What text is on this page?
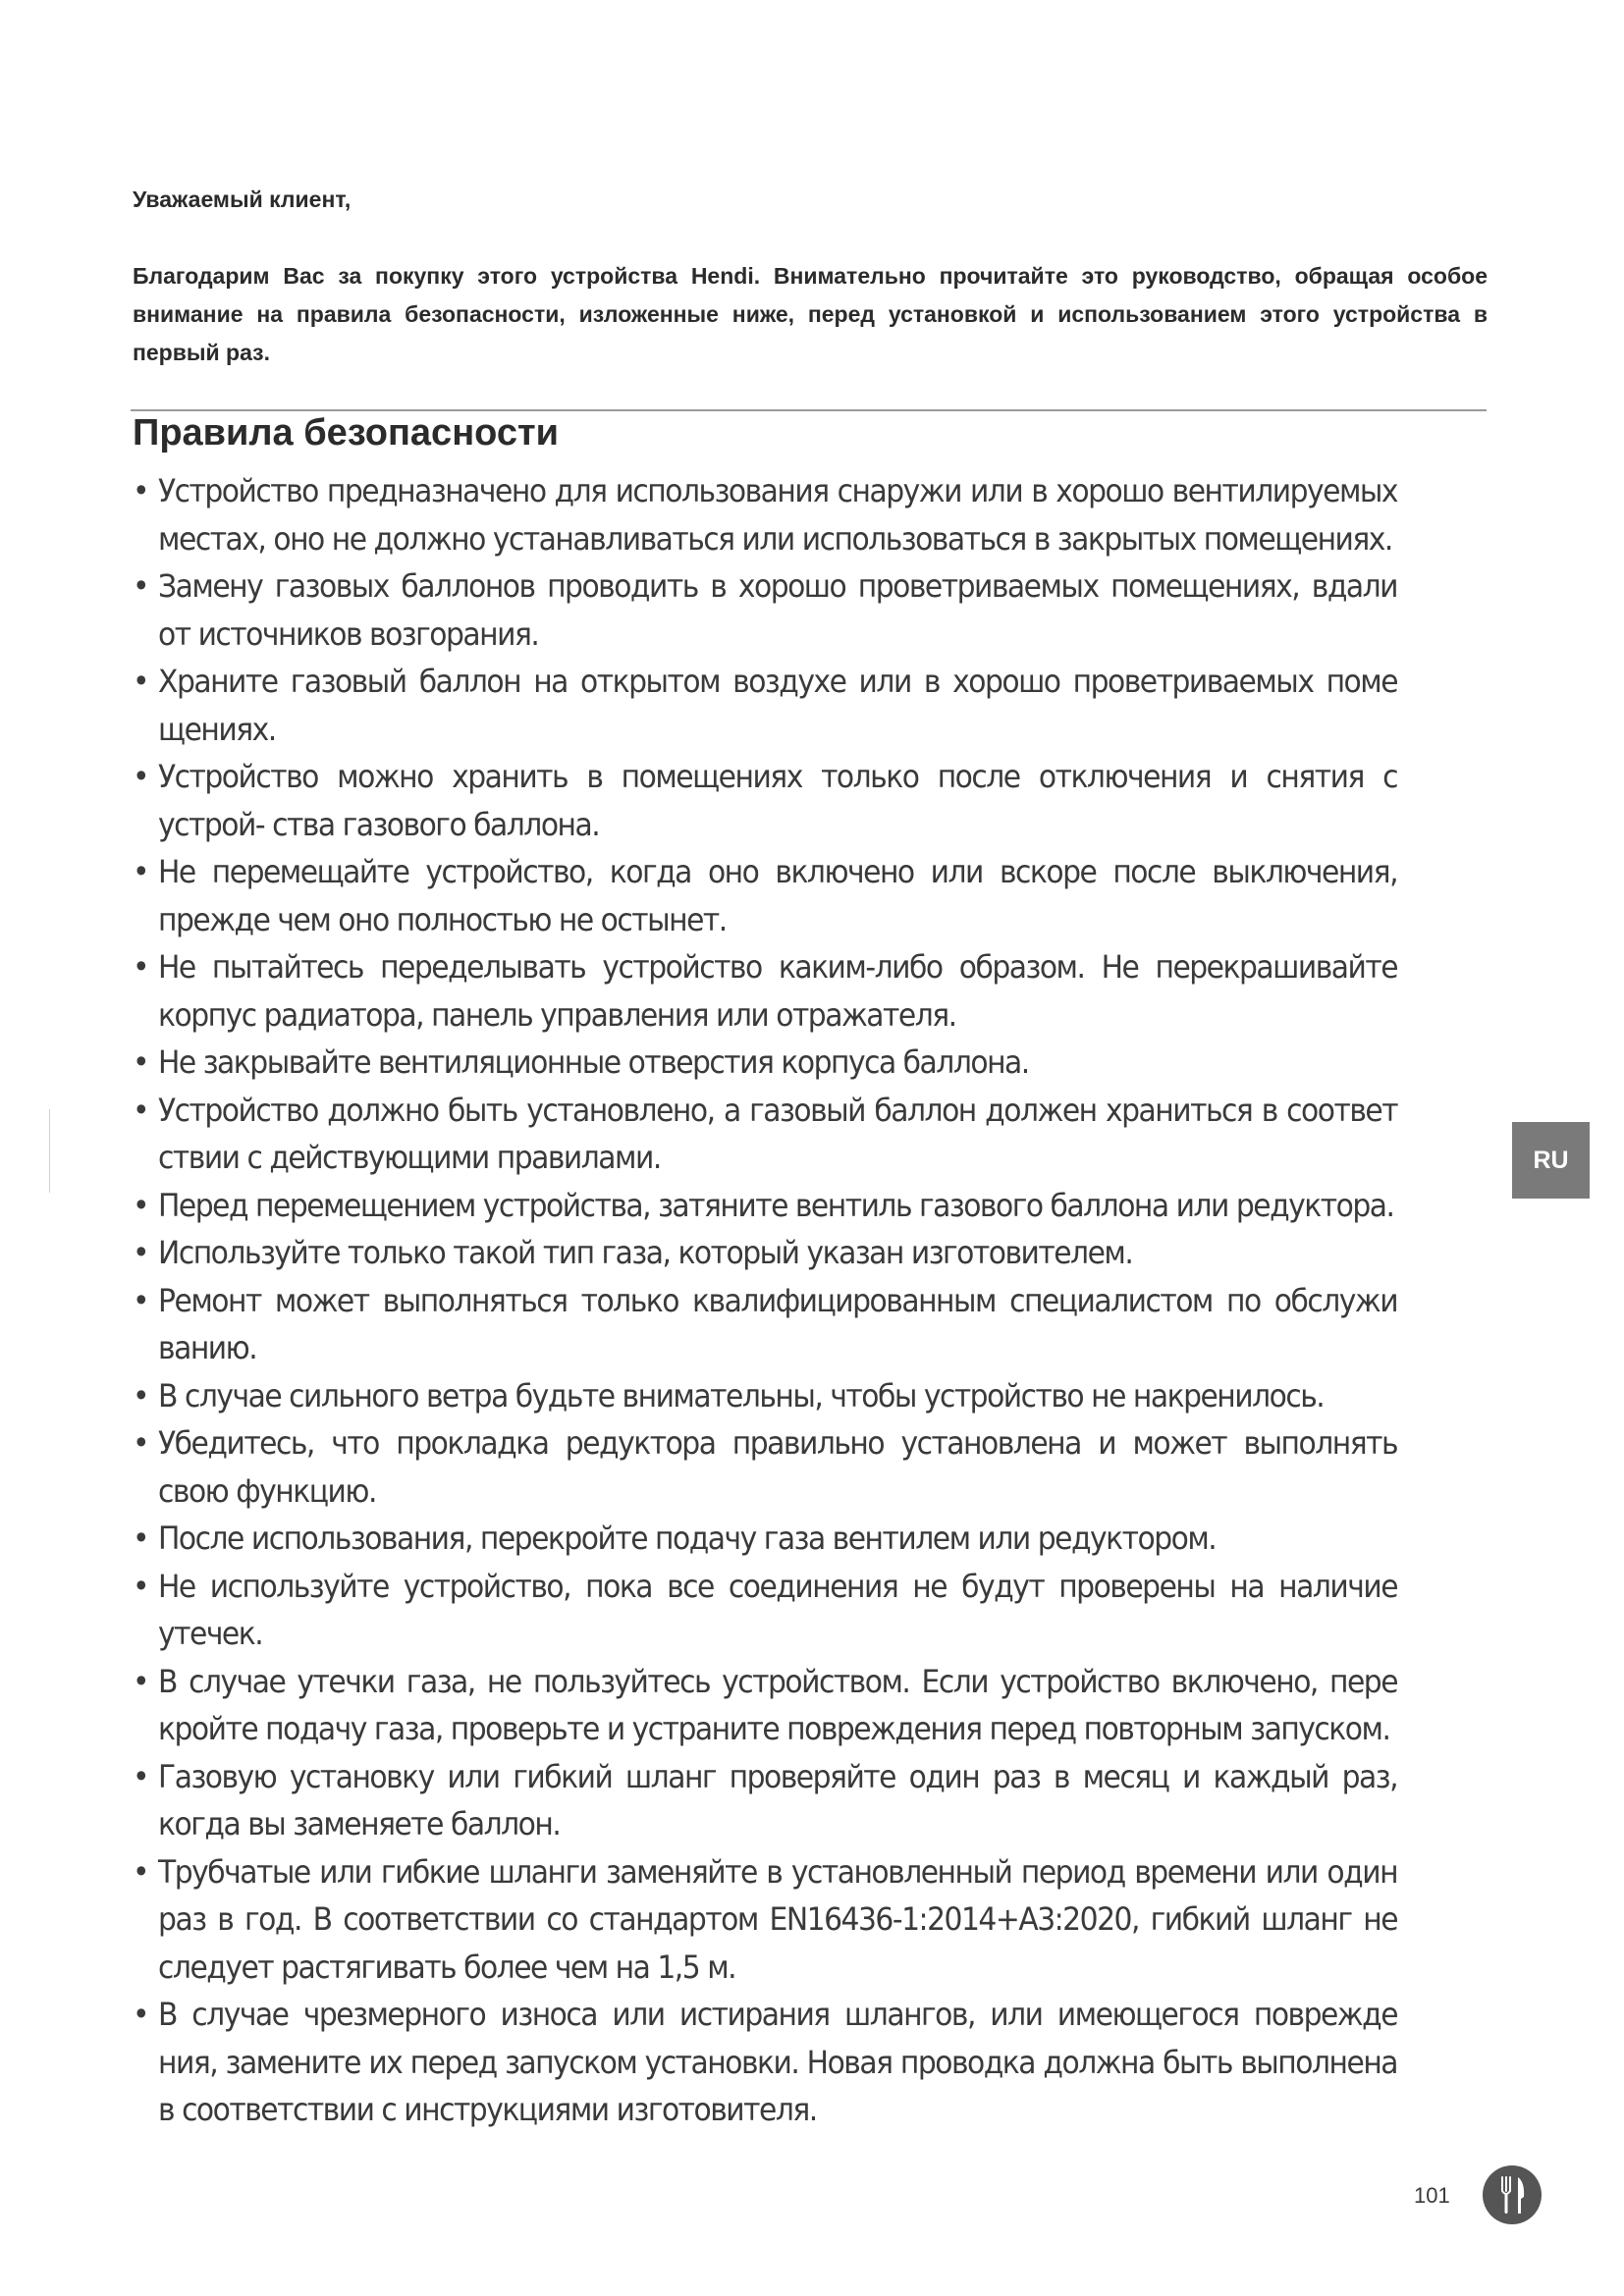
Уважаемый клиент,

Благодарим Вас за покупку этого устройства Hendi. Внимательно прочитайте это руководство, обращая особое внимание на правила безопасности, изложенные ниже, перед установкой и использованием этого устройства в первый раз.

Правила безопасности
• Устройство предназначено для использования снаружи или в хорошо вентилируемых местах, оно не должно устанавливаться или использоваться в закрытых помещениях.
• Замену газовых баллонов проводить в хорошо проветриваемых помещениях, вдали от источников возгорания.
• Храните газовый баллон на открытом воздухе или в хорошо проветриваемых поме щениях.
• Устройство можно хранить в помещениях только после отключения и снятия с устрой- ства газового баллона.
• Не перемещайте устройство, когда оно включено или вскоре после выключения, прежде чем оно полностью не остынет.
• Не пытайтесь переделывать устройство каким-либо образом. Не перекрашивайте корпус радиатора, панель управления или отражателя.
• Не закрывайте вентиляционные отверстия корпуса баллона.
• Устройство должно быть установлено, а газовый баллон должен храниться в соответ ствии с действующими правилами.
• Перед перемещением устройства, затяните вентиль газового баллона или редуктора.
• Используйте только такой тип газа, который указан изготовителем.
• Ремонт может выполняться только квалифицированным специалистом по обслужи ванию.
• В случае сильного ветра будьте внимательны, чтобы устройство не накренилось.
• Убедитесь, что прокладка редуктора правильно установлена и может выполнять свою функцию.
• После использования, перекройте подачу газа вентилем или редуктором.
• Не используйте устройство, пока все соединения не будут проверены на наличие утечек.
• В случае утечки газа, не пользуйтесь устройством. Если устройство включено, пере кройте подачу газа, проверьте и устраните повреждения перед повторным запуском.
• Газовую установку или гибкий шланг проверяйте один раз в месяц и каждый раз, когда вы заменяете баллон.
• Трубчатые или гибкие шланги заменяйте в установленный период времени или один раз в год. В соответствии со стандартом EN16436-1:2014+A3:2020, гибкий шланг не следует растягивать более чем на 1,5 м.
• В случае чрезмерного износа или истирания шлангов, или имеющегося поврежде ния, замените их перед запуском установки. Новая проводка должна быть выполнена в соответствии с инструкциями изготовителя.
RU
101
